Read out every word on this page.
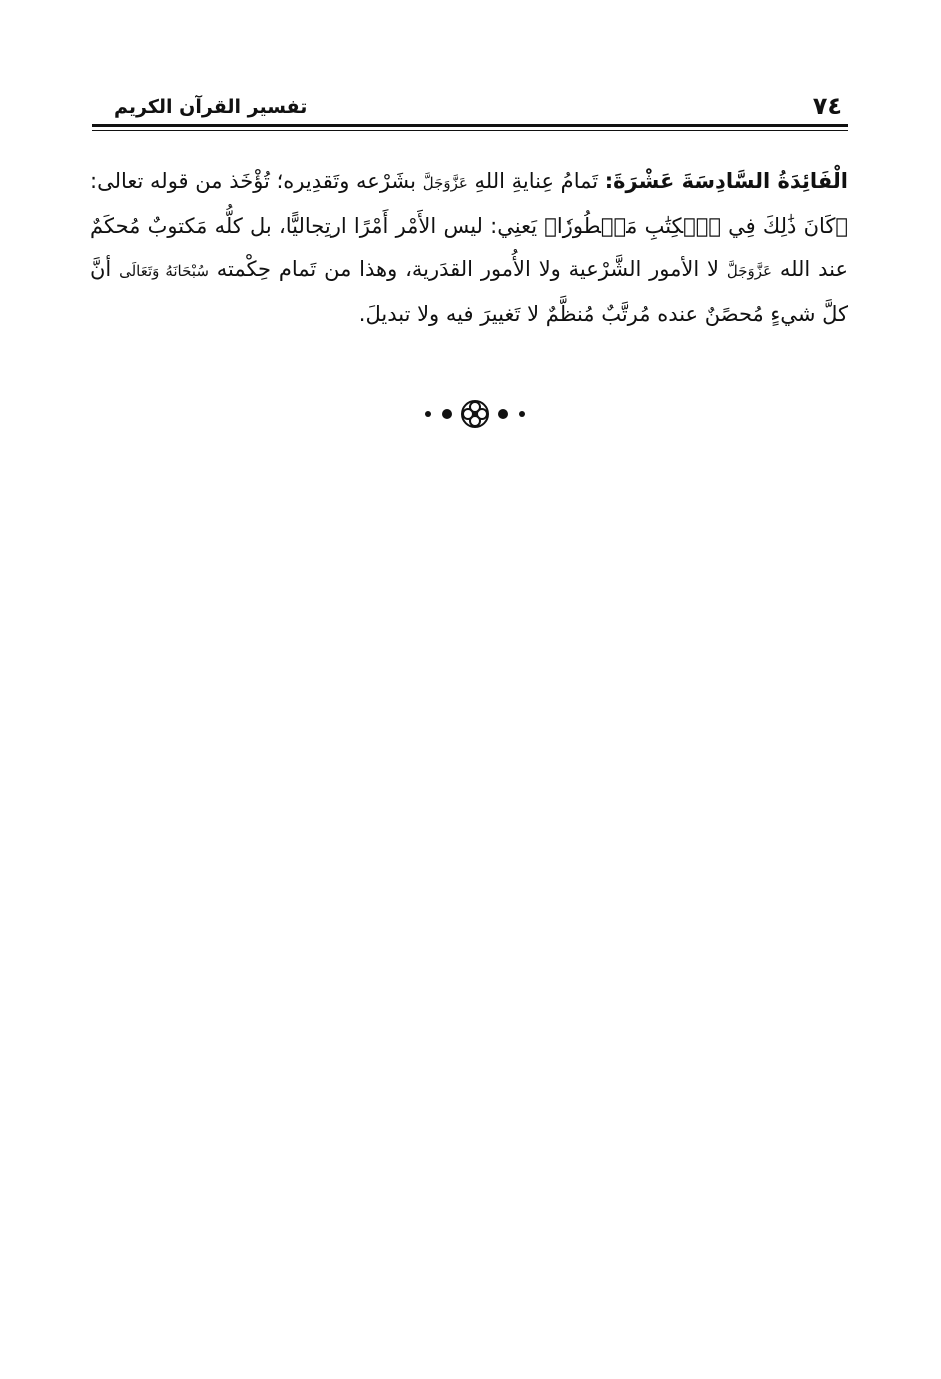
٧٤
تفسير القرآن الكريم

الْفَائِدَةُ السَّادِسَةَ عَشْرَةَ: تَمامُ عِنايةِ اللهِ عَزَّوَجَلَّ بشَرْعه وتَقدِيره؛ تُؤْخَذ من قوله تعالى: ﴿كَانَ ذَٰلِكَ فِي ٱلۡكِتَٰبِ مَسۡطُورٗا﴾ يَعنِي: ليس الأَمْر أَمْرًا ارتِجاليًّا، بل كلُّه مَكتوبٌ مُحكَمٌ عند الله عَزَّوَجَلَّ لا الأمور الشَّرْعية ولا الأُمور القدَرية، وهذا من تَمام حِكْمته سُبْحَانَهُ وَتَعَالَى أنَّ كلَّ شيءٍ مُحصًنٌ عنده مُرتَّبٌ مُنظَّمٌ لا تَغييرَ فيه ولا تبديلَ.
